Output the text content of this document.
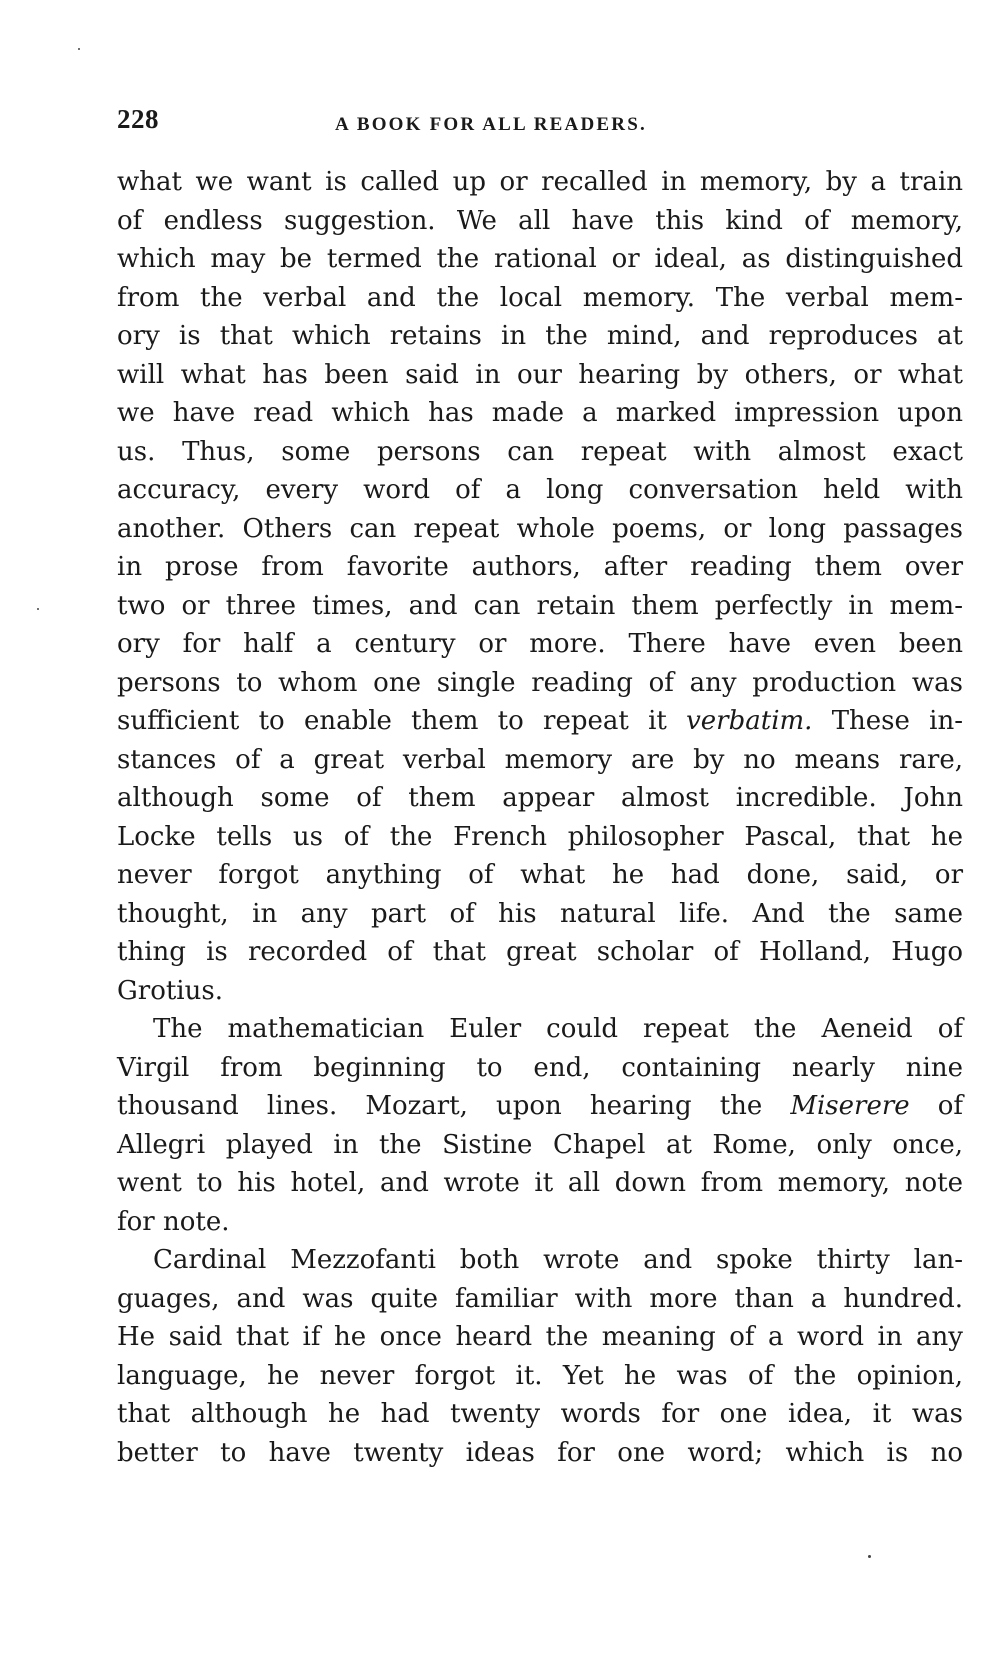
228	A BOOK FOR ALL READERS.
what we want is called up or recalled in memory, by a train
of endless suggestion. We all have this kind of memory,
which may be termed the rational or ideal, as distinguished
from the verbal and the local memory. The verbal mem-
ory is that which retains in the mind, and reproduces at
will what has been said in our hearing by others, or what
we have read which has made a marked impression upon
us. Thus, some persons can repeat with almost exact
accuracy, every word of a long conversation held with
another. Others can repeat whole poems, or long passages
in prose from favorite authors, after reading them over
two or three times, and can retain them perfectly in mem-
ory for half a century or more. There have even been
persons to whom one single reading of any production was
sufficient to enable them to repeat it verbatim. These in-
stances of a great verbal memory are by no means rare,
although some of them appear almost incredible. John
Locke tells us of the French philosopher Pascal, that he
never forgot anything of what he had done, said, or
thought, in any part of his natural life. And the same
thing is recorded of that great scholar of Holland, Hugo
Grotius.
The mathematician Euler could repeat the Aeneid of
Virgil from beginning to end, containing nearly nine
thousand lines. Mozart, upon hearing the Miserere of
Allegri played in the Sistine Chapel at Rome, only once,
went to his hotel, and wrote it all down from memory, note
for note.
Cardinal Mezzofanti both wrote and spoke thirty lan-
guages, and was quite familiar with more than a hundred.
He said that if he once heard the meaning of a word in any
language, he never forgot it. Yet he was of the opinion,
that although he had twenty words for one idea, it was
better to have twenty ideas for one word; which is no
